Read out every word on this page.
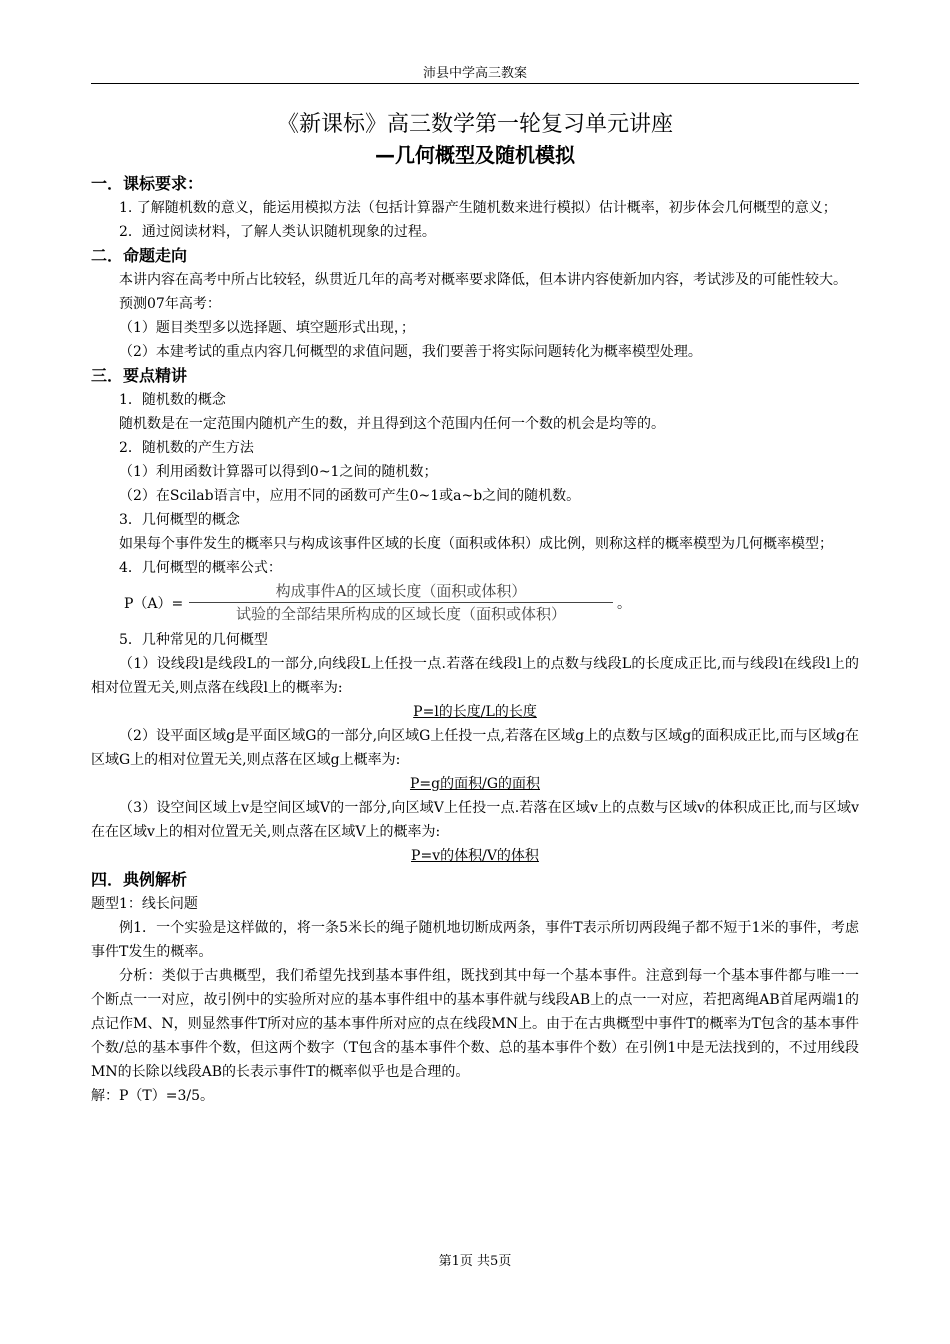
沛县中学高三教案
《新课标》高三数学第一轮复习单元讲座
—几何概型及随机模拟
一．课标要求：
1. 了解随机数的意义，能运用模拟方法（包括计算器产生随机数来进行模拟）估计概率，初步体会几何概型的意义；
2．通过阅读材料，了解人类认识随机现象的过程。
二．命题走向
本讲内容在高考中所占比较轻，纵贯近几年的高考对概率要求降低，但本讲内容使新加内容，考试涉及的可能性较大。
预测07年高考：
（1）题目类型多以选择题、填空题形式出现，；
（2）本建考试的重点内容几何概型的求值问题，我们要善于将实际问题转化为概率模型处理。
三．要点精讲
1．随机数的概念
随机数是在一定范围内随机产生的数，并且得到这个范围内任何一个数的机会是均等的。
2．随机数的产生方法
（1）利用函数计算器可以得到0~1之间的随机数；
（2）在Scilab语言中，应用不同的函数可产生0~1或a~b之间的随机数。
3．几何概型的概念
如果每个事件发生的概率只与构成该事件区域的长度（面积或体积）成比例，则称这样的概率模型为几何概率模型；
4．几何概型的概率公式：
P（A）=
构成事件A的区域长度（面积或体积）
试验的全部结果所构成的区域长度（面积或体积）
。
5．几种常见的几何概型
（1）设线段l是线段L的一部分,向线段L上任投一点.若落在线段l上的点数与线段L的长度成正比,而与线段l在线段l上的相对位置无关,则点落在线段l上的概率为:
P=l的长度/L的长度
（2）设平面区域g是平面区域G的一部分,向区域G上任投一点,若落在区域g上的点数与区域g的面积成正比,而与区域g在区域G上的相对位置无关,则点落在区域g上概率为:
P=g的面积/G的面积
（3）设空间区域上v是空间区域V的一部分,向区域V上任投一点.若落在区域v上的点数与区域v的体积成正比,而与区域v在在区域v上的相对位置无关,则点落在区域V上的概率为:
P=v的体积/V的体积
四．典例解析
题型1：线长问题
例1．一个实验是这样做的，将一条5米长的绳子随机地切断成两条，事件T表示所切两段绳子都不短于1米的事件，考虑事件T发生的概率。
分析：类似于古典概型，我们希望先找到基本事件组，既找到其中每一个基本事件。注意到每一个基本事件都与唯一一个断点一一对应，故引例中的实验所对应的基本事件组中的基本事件就与线段AB上的点一一对应，若把离绳AB首尾两端1的点记作M、N，则显然事件T所对应的基本事件所对应的点在线段MN上。由于在古典概型中事件T的概率为T包含的基本事件个数/总的基本事件个数，但这两个数字（T包含的基本事件个数、总的基本事件个数）在引例1中是无法找到的，不过用线段MN的长除以线段AB的长表示事件T的概率似乎也是合理的。
解：P（T）=3/5。
第1页 共5页
